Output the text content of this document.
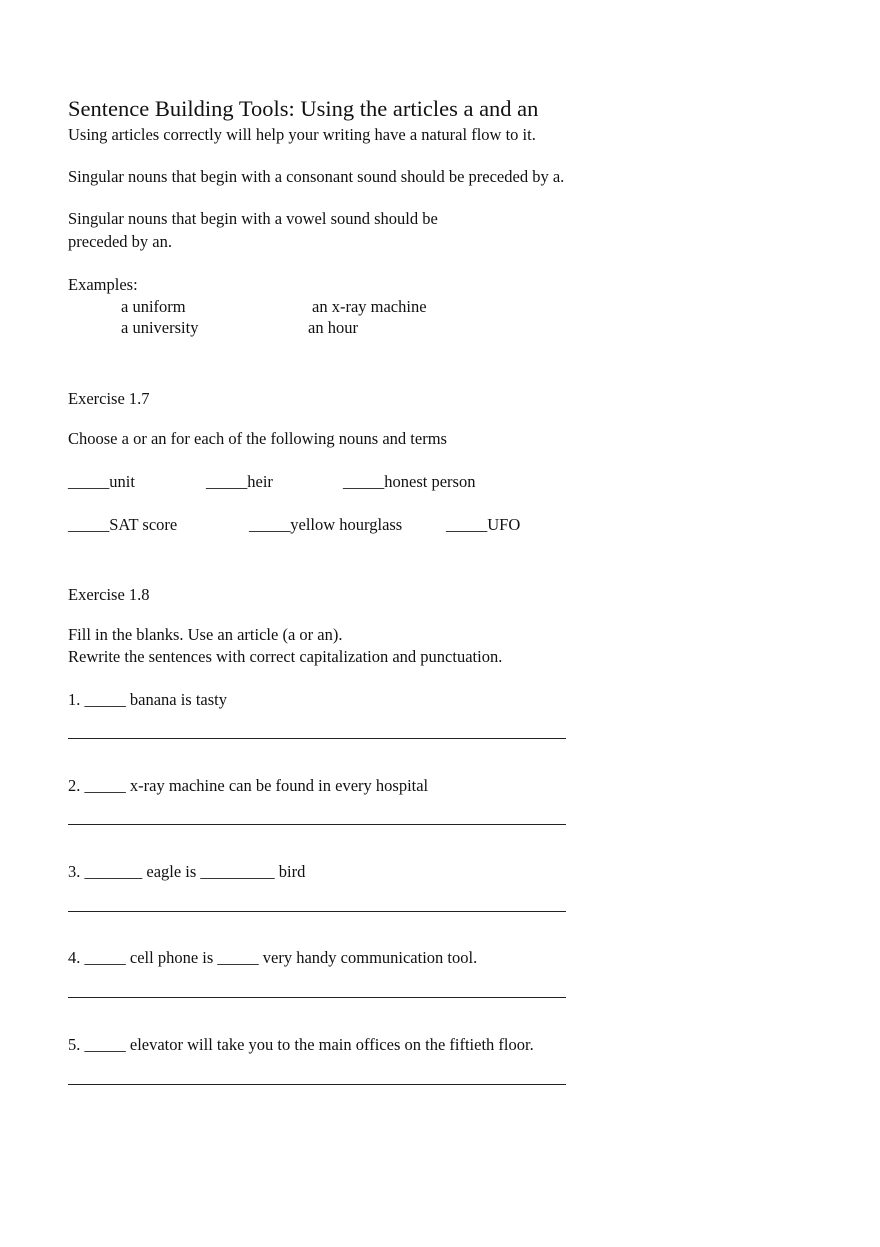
Sentence Building Tools: Using the articles a and an
Using articles correctly will help your writing have a natural flow to it.
Singular nouns that begin with a consonant sound should be preceded by a.
Singular nouns that begin with a vowel sound should be
preceded by an.
Examples:
a uniform	an x-ray machine
a university	an hour
Exercise 1.7
Choose a or an for each of the following nouns and terms
_____unit	_____heir	_____honest person
_____SAT score	_____yellow hourglass	_____UFO
Exercise 1.8
Fill in the blanks. Use an article (a or an).
Rewrite the sentences with correct capitalization and punctuation.
1. _____ banana is tasty
2. _____ x-ray machine can be found in every hospital
3. _______ eagle is _________ bird
4. _____ cell phone is _____ very handy communication tool.
5. _____ elevator will take you to the main offices on the fiftieth floor.
